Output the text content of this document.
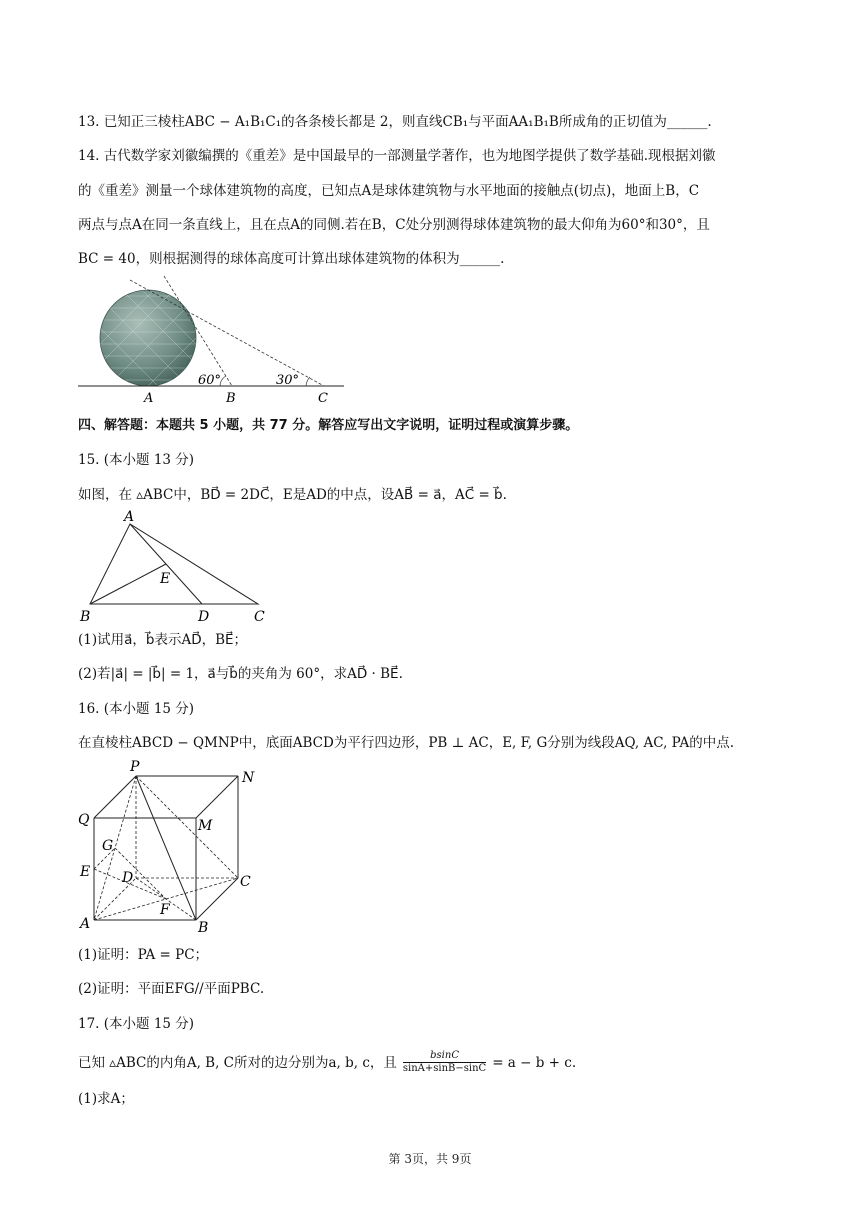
13. 已知正三棱柱ABC − A₁B₁C₁的各条棱长都是 2，则直线CB₁与平面AA₁B₁B所成角的正切值为______.
14. 古代数学家刘徽编撰的《重差》是中国最早的一部测量学著作，也为地图学提供了数学基础.现根据刘徽
的《重差》测量一个球体建筑物的高度，已知点A是球体建筑物与水平地面的接触点(切点)，地面上B，C
两点与点A在同一条直线上，且在点A的同侧.若在B，C处分别测得球体建筑物的最大仰角为60°和30°，且
BC = 40，则根据测得的球体高度可计算出球体建筑物的体积为______.
60°	30°
A	B	C
四、解答题：本题共 5 小题，共 77 分。解答应写出文字说明，证明过程或演算步骤。
15. (本小题 13 分)
如图，在 ▵ABC中，BD⃗ = 2DC⃗，E是AD的中点，设AB⃗ = a⃗，AC⃗ = b⃗.
A
B	D	C
E
(1)试用a⃗，b⃗表示AD⃗，BE⃗；
(2)若|a⃗| = |b⃗| = 1，a⃗与b⃗的夹角为 60°，求AD⃗ · BE⃗.
16. (本小题 15 分)
在直棱柱ABCD − QMNP中，底面ABCD为平行四边形，PB ⊥ AC，E, F, G分别为线段AQ, AC, PA的中点.
P
N
Q	M
G
E D	C
F
A	B
(1)证明：PA = PC；
(2)证明：平面EFG//平面PBC.
17. (本小题 15 分)
已知 ▵ABC的内角A, B, C所对的边分别为a, b, c，且	bsinC
sinA+sinB−sinC = a − b + c.
(1)求A；
第 3页，共 9页
